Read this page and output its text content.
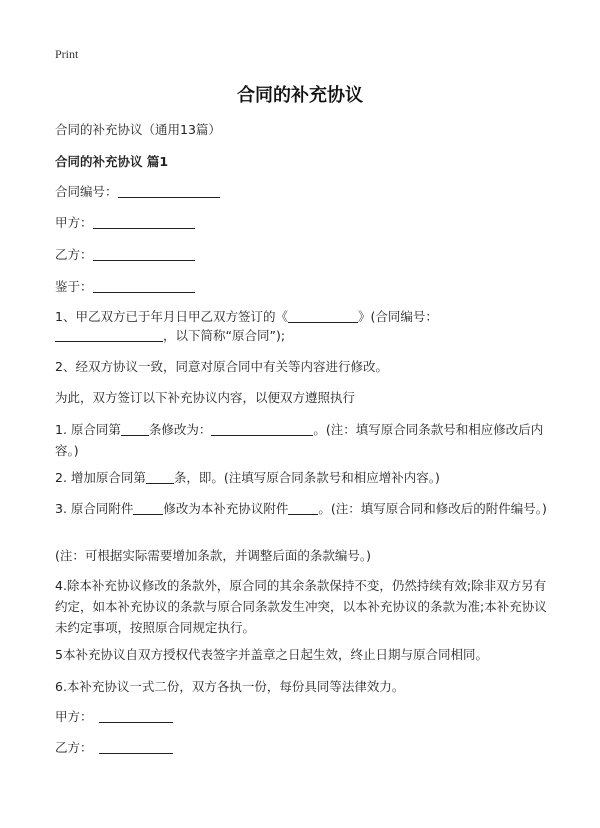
Print
合同的补充协议
合同的补充协议（通用13篇）
合同的补充协议 篇1
合同编号：
甲方：
乙方：
鉴于：
1、甲乙双方已于年月日甲乙双方签订的《	》(合同编号：
，以下简称“原合同”);
2、经双方协议一致，同意对原合同中有关等内容进行修改。
为此，双方签订以下补充协议内容，以便双方遵照执行
1. 原合同第 条修改为：	。(注：填写原合同条款号和相应修改后内容。)
2. 增加原合同第 条，即。(注填写原合同条款号和相应增补内容。)
3. 原合同附件 修改为本补充协议附件 。(注：填写原合同和修改后的附件编号。)
(注：可根据实际需要增加条款，并调整后面的条款编号。)
4.除本补充协议修改的条款外，原合同的其余条款保持不变，仍然持续有效;除非双方另有约定，如本补充协议的条款与原合同条款发生冲突，以本补充协议的条款为准;本补充协议未约定事项，按照原合同规定执行。
5本补充协议自双方授权代表签字并盖章之日起生效，终止日期与原合同相同。
6.本补充协议一式二份，双方各执一份，每份具同等法律效力。
甲方：
乙方：
